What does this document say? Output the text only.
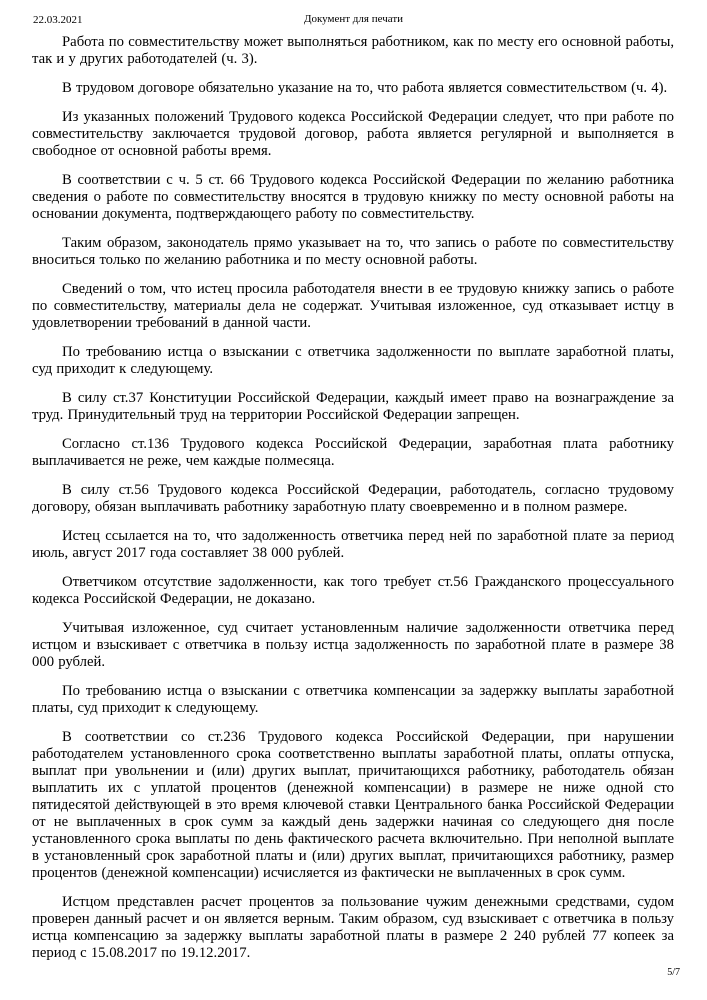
22.03.2021	Документ для печати

Работа по совместительству может выполняться работником, как по месту его основной работы, так и у других работодателей (ч. 3).

В трудовом договоре обязательно указание на то, что работа является совместительством (ч. 4).

Из указанных положений Трудового кодекса Российской Федерации следует, что при работе по совместительству заключается трудовой договор, работа является регулярной и выполняется в свободное от основной работы время.

В соответствии с ч. 5 ст. 66 Трудового кодекса Российской Федерации по желанию работника сведения о работе по совместительству вносятся в трудовую книжку по месту основной работы на основании документа, подтверждающего работу по совместительству.

Таким образом, законодатель прямо указывает на то, что запись о работе по совместительству вноситься только по желанию работника и по месту основной работы.

Сведений о том, что истец просила работодателя внести в ее трудовую книжку запись о работе по совместительству, материалы дела не содержат. Учитывая изложенное, суд отказывает истцу в удовлетворении требований в данной части.

По требованию истца о взыскании с ответчика задолженности по выплате заработной платы, суд приходит к следующему.

В силу ст.37 Конституции Российской Федерации, каждый имеет право на вознаграждение за труд. Принудительный труд на территории Российской Федерации запрещен.

Согласно ст.136 Трудового кодекса Российской Федерации, заработная плата работнику выплачивается не реже, чем каждые полмесяца.

В силу ст.56 Трудового кодекса Российской Федерации, работодатель, согласно трудовому договору, обязан выплачивать работнику заработную плату своевременно и в полном размере.

Истец ссылается на то, что задолженность ответчика перед ней по заработной плате за период июль, август 2017 года составляет 38 000 рублей.

Ответчиком отсутствие задолженности, как того требует ст.56 Гражданского процессуального кодекса Российской Федерации, не доказано.

Учитывая изложенное, суд считает установленным наличие задолженности ответчика перед истцом и взыскивает с ответчика в пользу истца задолженность по заработной плате в размере 38 000 рублей.

По требованию истца о взыскании с ответчика компенсации за задержку выплаты заработной платы, суд приходит к следующему.

В соответствии со ст.236 Трудового кодекса Российской Федерации, при нарушении работодателем установленного срока соответственно выплаты заработной платы, оплаты отпуска, выплат при увольнении и (или) других выплат, причитающихся работнику, работодатель обязан выплатить их с уплатой процентов (денежной компенсации) в размере не ниже одной сто пятидесятой действующей в это время ключевой ставки Центрального банка Российской Федерации от не выплаченных в срок сумм за каждый день задержки начиная со следующего дня после установленного срока выплаты по день фактического расчета включительно. При неполной выплате в установленный срок заработной платы и (или) других выплат, причитающихся работнику, размер процентов (денежной компенсации) исчисляется из фактически не выплаченных в срок сумм.

Истцом представлен расчет процентов за пользование чужим денежными средствами, судом проверен данный расчет и он является верным. Таким образом, суд взыскивает с ответчика в пользу истца компенсацию за задержку выплаты заработной платы в размере 2 240 рублей 77 копеек за период с 15.08.2017 по 19.12.2017.

5/7
